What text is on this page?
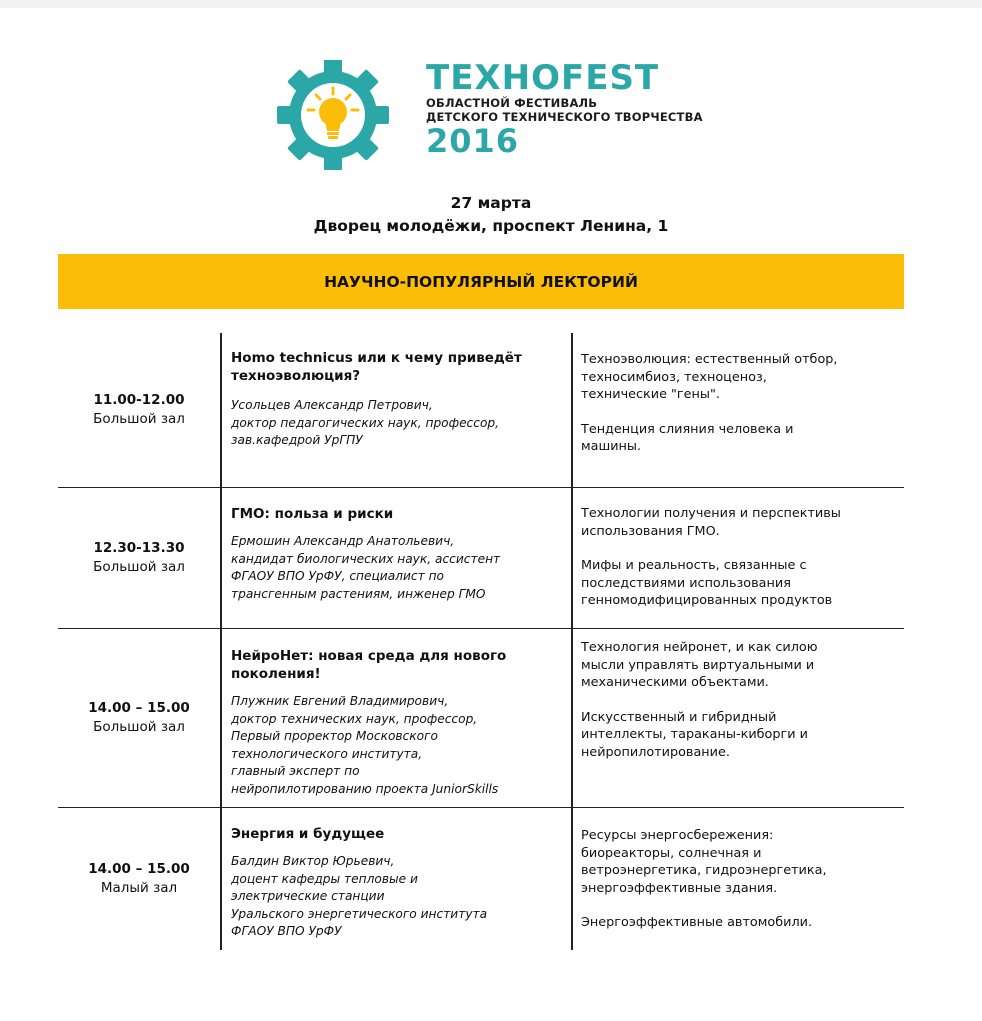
TEXHOFEST
ОБЛАСТНОЙ ФЕСТИВАЛЬ
ДЕТСКОГО ТЕХНИЧЕСКОГО ТВОРЧЕСТВА
2016
27 марта
Дворец молодёжи, проспект Ленина, 1
НАУЧНО-ПОПУЛЯРНЫЙ ЛЕКТОРИЙ
11.00-12.00
Большой зал
Homo technicus или к чему приведёт техноэволюция?
Усольцев Александр Петрович,
доктор педагогических наук, профессор,
зав.кафедрой УрГПУ
Техноэволюция: естественный отбор,
техносимбиоз, техноценоз,
технические "гены".
Тенденция слияния человека и
машины.
12.30-13.30
Большой зал
ГМО: польза и риски
Ермошин Александр Анатольевич,
кандидат биологических наук, ассистент
ФГАОУ ВПО УрФУ, специалист по
трансгенным растениям, инженер ГМО
Технологии получения и перспективы
использования ГМО.
Мифы и реальность, связанные с
последствиями использования
генномодифицированных продуктов
14.00 – 15.00
Большой зал
НейроНет: новая среда для нового поколения!
Плужник Евгений Владимирович,
доктор технических наук, профессор,
Первый проректор Московского
технологического института,
главный эксперт по
нейропилотированию проекта JuniorSkills
Технология нейронет, и как силою
мысли управлять виртуальными и
механическими объектами.
Искусственный и гибридный
интеллекты, тараканы-киборги и
нейропилотирование.
14.00 – 15.00
Малый зал
Энергия и будущее
Балдин Виктор Юрьевич,
доцент кафедры тепловые и
электрические станции
Уральского энергетического института
ФГАОУ ВПО УрФУ
Ресурсы энергосбережения:
биореакторы, солнечная и
ветроэнергетика, гидроэнергетика,
энергоэффективные здания.
Энергоэффективные автомобили.
